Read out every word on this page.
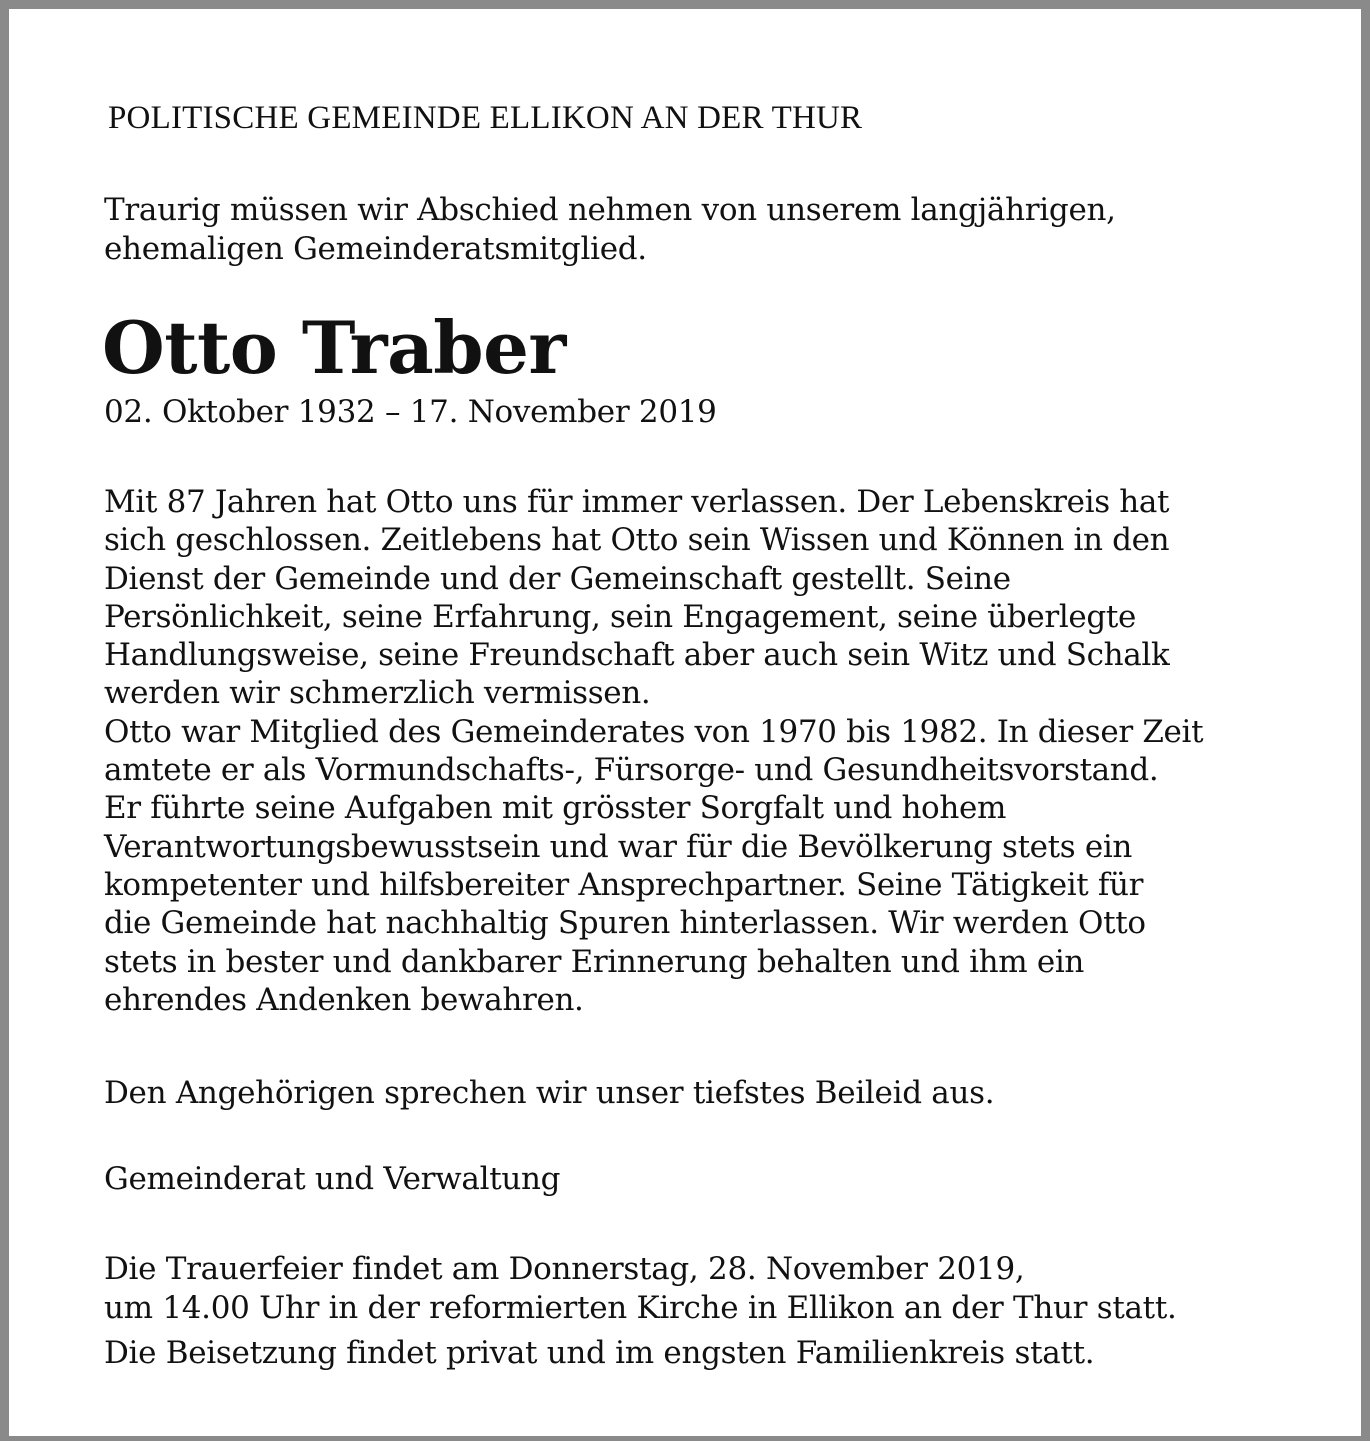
POLITISCHE GEMEINDE ELLIKON AN DER THUR

Traurig müssen wir Abschied nehmen von unserem langjährigen,
ehemaligen Gemeinderatsmitglied.
Otto Traber

02. Oktober 1932 – 17. November 2019

Mit 87 Jahren hat Otto uns für immer verlassen. Der Lebenskreis hat
sich geschlossen. Zeitlebens hat Otto sein Wissen und Können in den
Dienst der Gemeinde und der Gemeinschaft gestellt. Seine
Persönlichkeit, seine Erfahrung, sein Engagement, seine überlegte
Handlungsweise, seine Freundschaft aber auch sein Witz und Schalk
werden wir schmerzlich vermissen.
Otto war Mitglied des Gemeinderates von 1970 bis 1982. In dieser Zeit
amtete er als Vormundschafts-, Fürsorge- und Gesundheitsvorstand.
Er führte seine Aufgaben mit grösster Sorgfalt und hohem
Verantwortungsbewusstsein und war für die Bevölkerung stets ein
kompetenter und hilfsbereiter Ansprechpartner. Seine Tätigkeit für
die Gemeinde hat nachhaltig Spuren hinterlassen. Wir werden Otto
stets in bester und dankbarer Erinnerung behalten und ihm ein
ehrendes Andenken bewahren.

Den Angehörigen sprechen wir unser tiefstes Beileid aus.

Gemeinderat und Verwaltung

Die Trauerfeier findet am Donnerstag, 28. November 2019,
um 14.00 Uhr in der reformierten Kirche in Ellikon an der Thur statt.

Die Beisetzung findet privat und im engsten Familienkreis statt.
